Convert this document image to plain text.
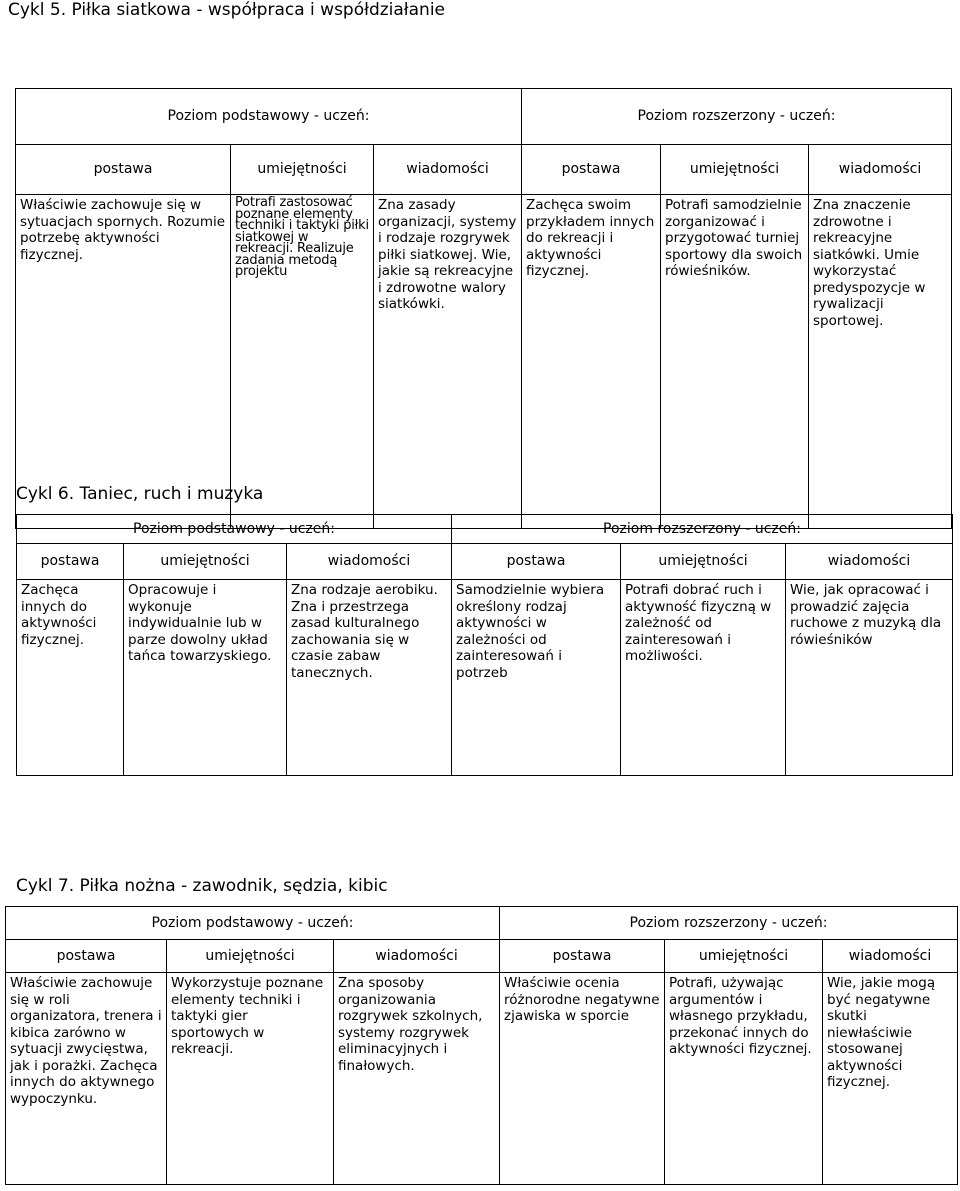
Cykl 5. Piłka siatkowa - współpraca i współdziałanie
Poziom podstawowy - uczeń:			Poziom rozszerzony - uczeń:		
postawa	umiejętności	wiadomości	postawa	umiejętności	wiadomości
Właściwie zachowuje się w sytuacjach spornych. Rozumie potrzebę aktywności fizycznej.	Potrafi zastosować poznane elementy techniki i taktyki piłki siatkowej w rekreacji. Realizuje zadania metodą projektu	Zna zasady organizacji, systemy i rodzaje rozgrywek piłki siatkowej. Wie, jakie są rekreacyjne i zdrowotne walory siatkówki.	Zachęca swoim przykładem innych do rekreacji i aktywności fizycznej.	Potrafi samodzielnie zorganizować i przygotować turniej sportowy dla swoich rówieśników.	Zna znaczenie zdrowotne i rekreacyjne siatkówki. Umie wykorzystać predyspozycje w rywalizacji sportowej.
Cykl 6. Taniec, ruch i muzyka
Poziom podstawowy - uczeń:			Poziom rozszerzony - uczeń:		
postawa	umiejętności	wiadomości	postawa	umiejętności	wiadomości
Zachęca innych do aktywności fizycznej.	Opracowuje i wykonuje indywidualnie lub w parze dowolny układ tańca towarzyskiego.	Zna rodzaje aerobiku. Zna i przestrzega zasad kulturalnego zachowania się w czasie zabaw tanecznych.	Samodzielnie wybiera określony rodzaj aktywności w zależności od zainteresowań i potrzeb	Potrafi dobrać ruch i aktywność fizyczną w zależność od zainteresowań i możliwości.	Wie, jak opracować i prowadzić zajęcia ruchowe z muzyką dla rówieśników
Cykl 7. Piłka nożna - zawodnik, sędzia, kibic
Poziom podstawowy - uczeń:			Poziom rozszerzony - uczeń:		
postawa	umiejętności	wiadomości	postawa	umiejętności	wiadomości
Właściwie zachowuje się w roli organizatora, trenera i kibica zarówno w sytuacji zwycięstwa, jak i porażki. Zachęca innych do aktywnego wypoczynku.	Wykorzystuje poznane elementy techniki i taktyki gier sportowych w rekreacji.	Zna sposoby organizowania rozgrywek szkolnych, systemy rozgrywek eliminacyjnych i finałowych.	Właściwie ocenia różnorodne negatywne zjawiska w sporcie	Potrafi, używając argumentów i własnego przykładu, przekonać innych do aktywności fizycznej.	Wie, jakie mogą być negatywne skutki niewłaściwie stosowanej aktywności fizycznej.
